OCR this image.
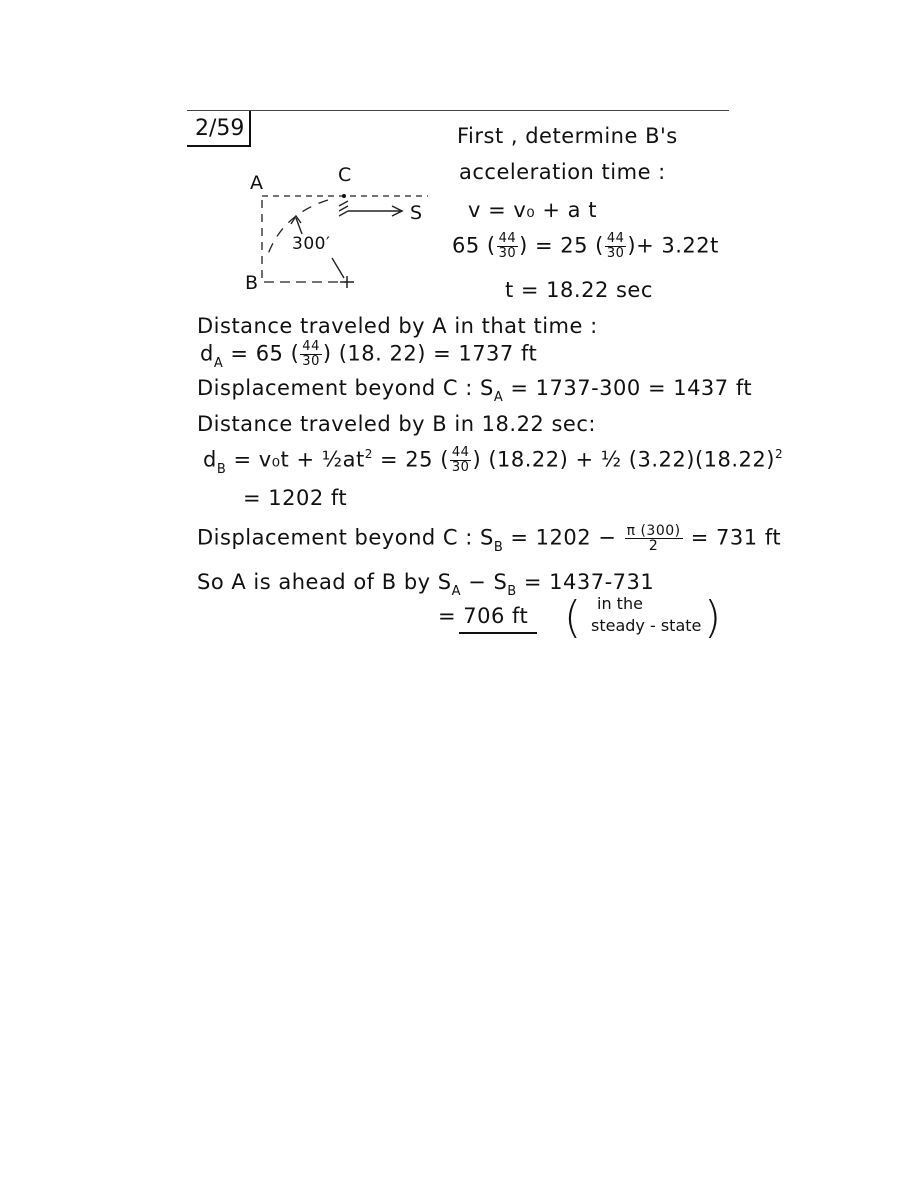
2/59
A	C
S
B
300′
First , determine B's
acceleration time :
v = v₀ + a t
65 ( $\frac{44}{30}$ ) = 25 ( $\frac{44}{30}$ )+ 3.22t
t = 18.22 sec
Distance traveled by A in that time :
$d_A = 65$ ( $\frac{44}{30}$ ) (18. 22) = 1737 ft
Displacement beyond C : $S_A = 1737-300 = 1437$ ft
Distance traveled by B in 18.22 sec:
$d_B = v_0t$ + $\frac{1}{2}at^2 = 25$ ( $\frac{44}{30}$ ) (18.22) + ½ $(3.22)(18.22)^2$
= 1202 ft
Displacement beyond C : $S_B = 1202 - \frac{\pi (300)}{2} = 731$ ft
So A is ahead of B by $S_A - S_B = 1437-731$
= 706 ft ( in the
steady - state )
